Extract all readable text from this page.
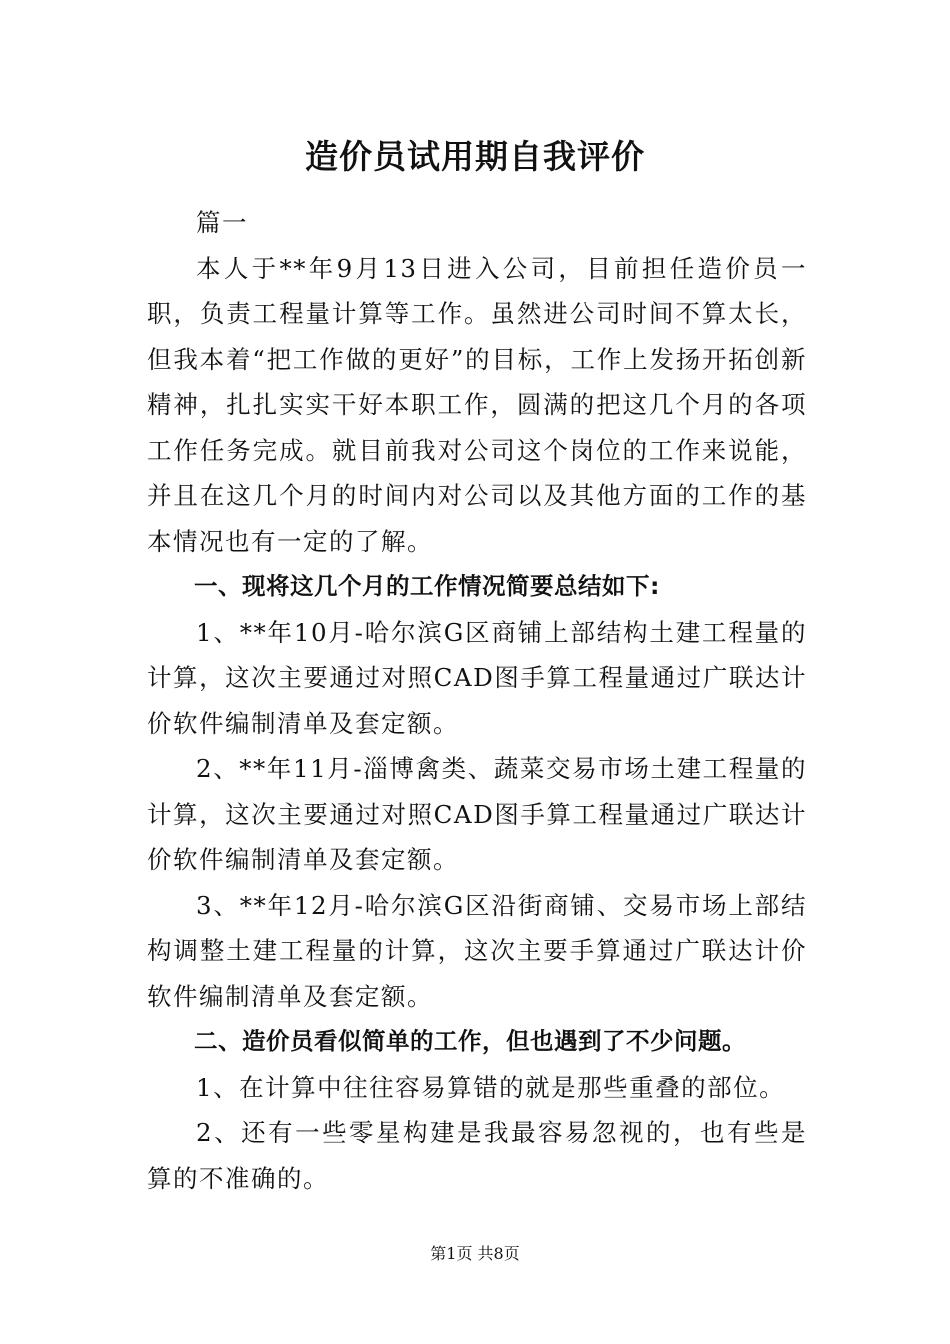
造价员试用期自我评价

篇一

本人于**年9月13日进入公司，目前担任造价员一职，负责工程量计算等工作。虽然进公司时间不算太长，但我本着“把工作做的更好”的目标，工作上发扬开拓创新精神，扎扎实实干好本职工作，圆满的把这几个月的各项工作任务完成。就目前我对公司这个岗位的工作来说能，并且在这几个月的时间内对公司以及其他方面的工作的基本情况也有一定的了解。

一、现将这几个月的工作情况简要总结如下:

1、**年10月-哈尔滨G区商铺上部结构土建工程量的计算，这次主要通过对照CAD图手算工程量通过广联达计价软件编制清单及套定额。

2、**年11月-淄博禽类、蔬菜交易市场土建工程量的计算，这次主要通过对照CAD图手算工程量通过广联达计价软件编制清单及套定额。

3、**年12月-哈尔滨G区沿街商铺、交易市场上部结构调整土建工程量的计算，这次主要手算通过广联达计价软件编制清单及套定额。

二、造价员看似简单的工作，但也遇到了不少问题。

1、在计算中往往容易算错的就是那些重叠的部位。

2、还有一些零星构建是我最容易忽视的，也有些是算的不准确的。

第1页 共8页
